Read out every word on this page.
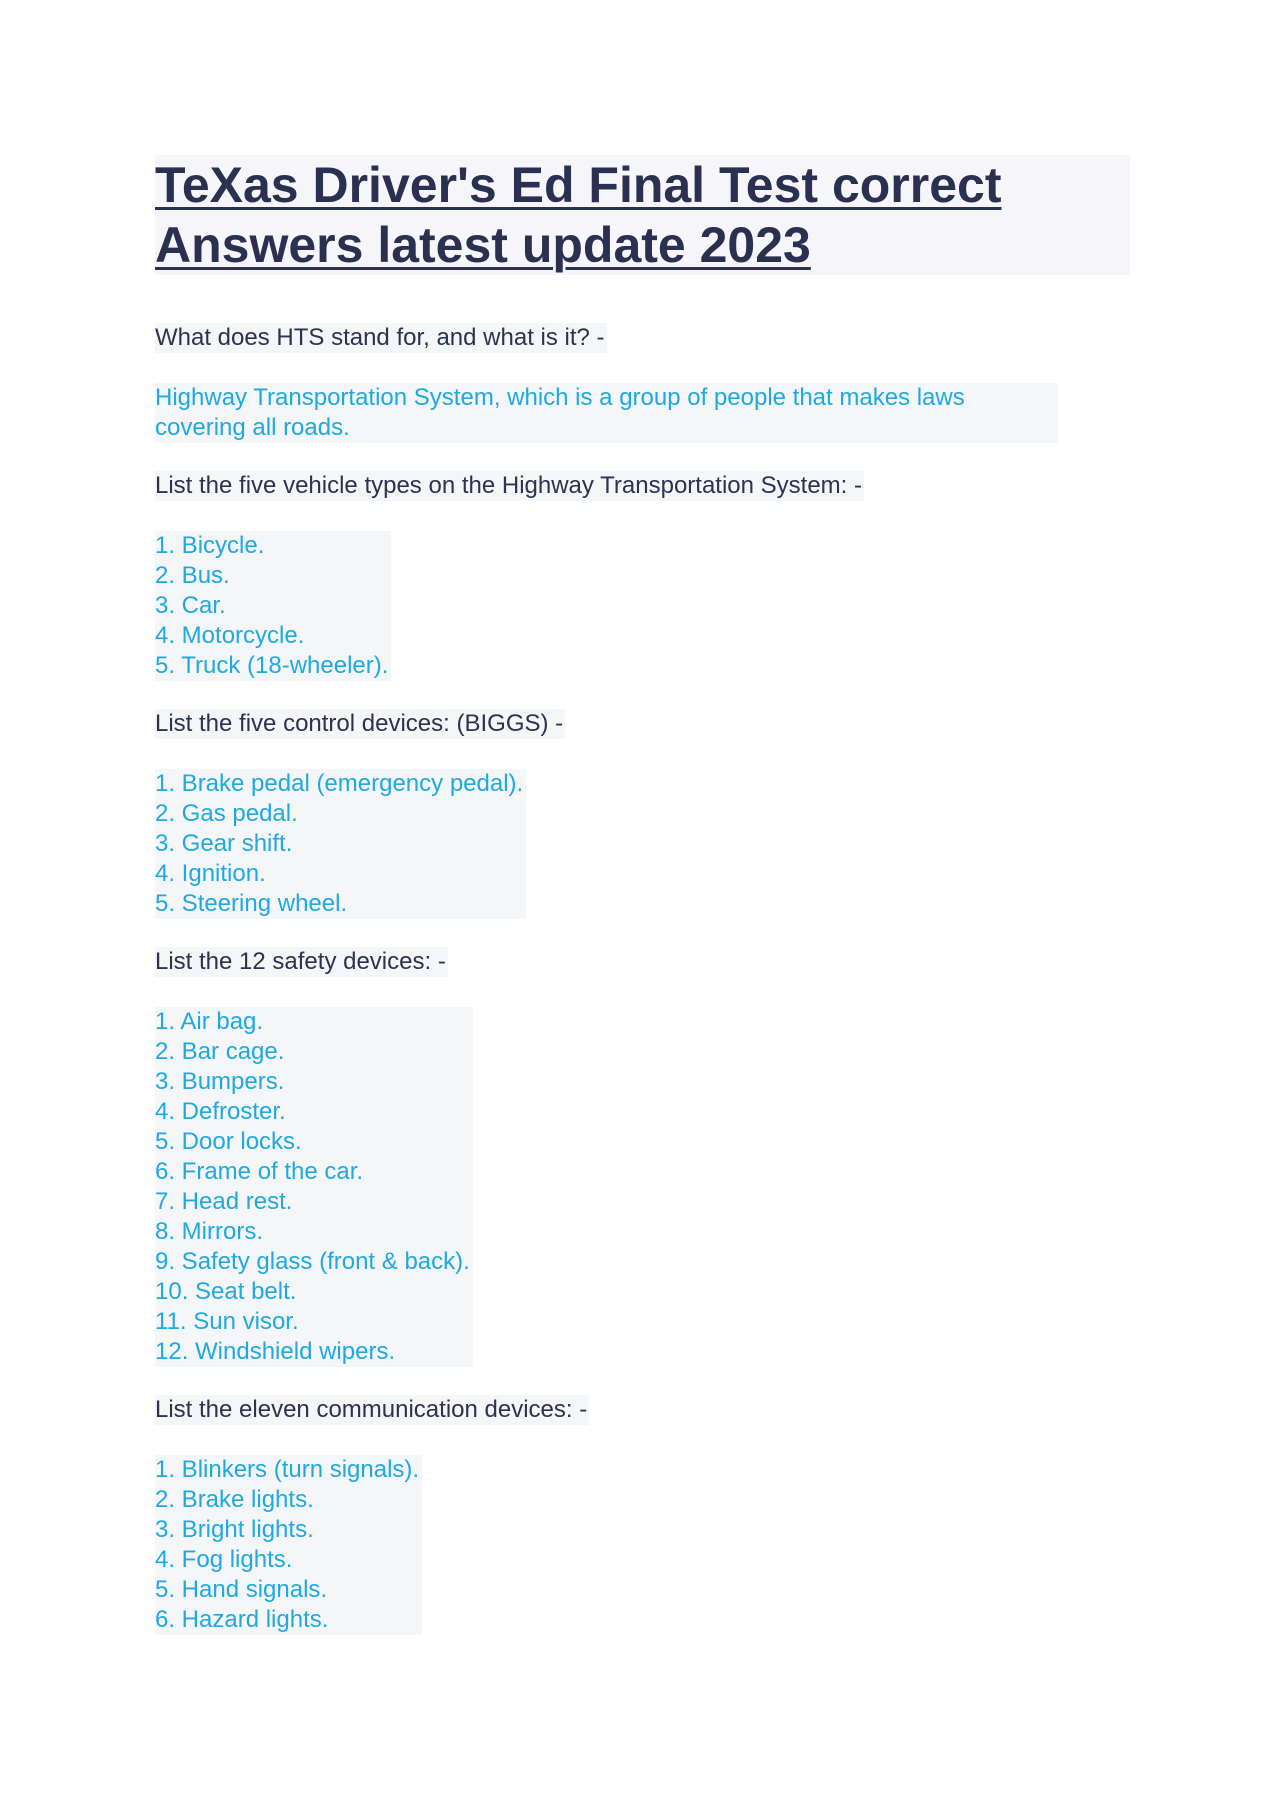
TeXas Driver's Ed Final Test correct Answers latest update 2023
What does HTS stand for, and what is it? -
Highway Transportation System, which is a group of people that makes laws covering all roads.
List the five vehicle types on the Highway Transportation System: -
1. Bicycle.
2. Bus.
3. Car.
4. Motorcycle.
5. Truck (18-wheeler).
List the five control devices: (BIGGS) -
1. Brake pedal (emergency pedal).
2. Gas pedal.
3. Gear shift.
4. Ignition.
5. Steering wheel.
List the 12 safety devices: -
1. Air bag.
2. Bar cage.
3. Bumpers.
4. Defroster.
5. Door locks.
6. Frame of the car.
7. Head rest.
8. Mirrors.
9. Safety glass (front & back).
10. Seat belt.
11. Sun visor.
12. Windshield wipers.
List the eleven communication devices: -
1. Blinkers (turn signals).
2. Brake lights.
3. Bright lights.
4. Fog lights.
5. Hand signals.
6. Hazard lights.
